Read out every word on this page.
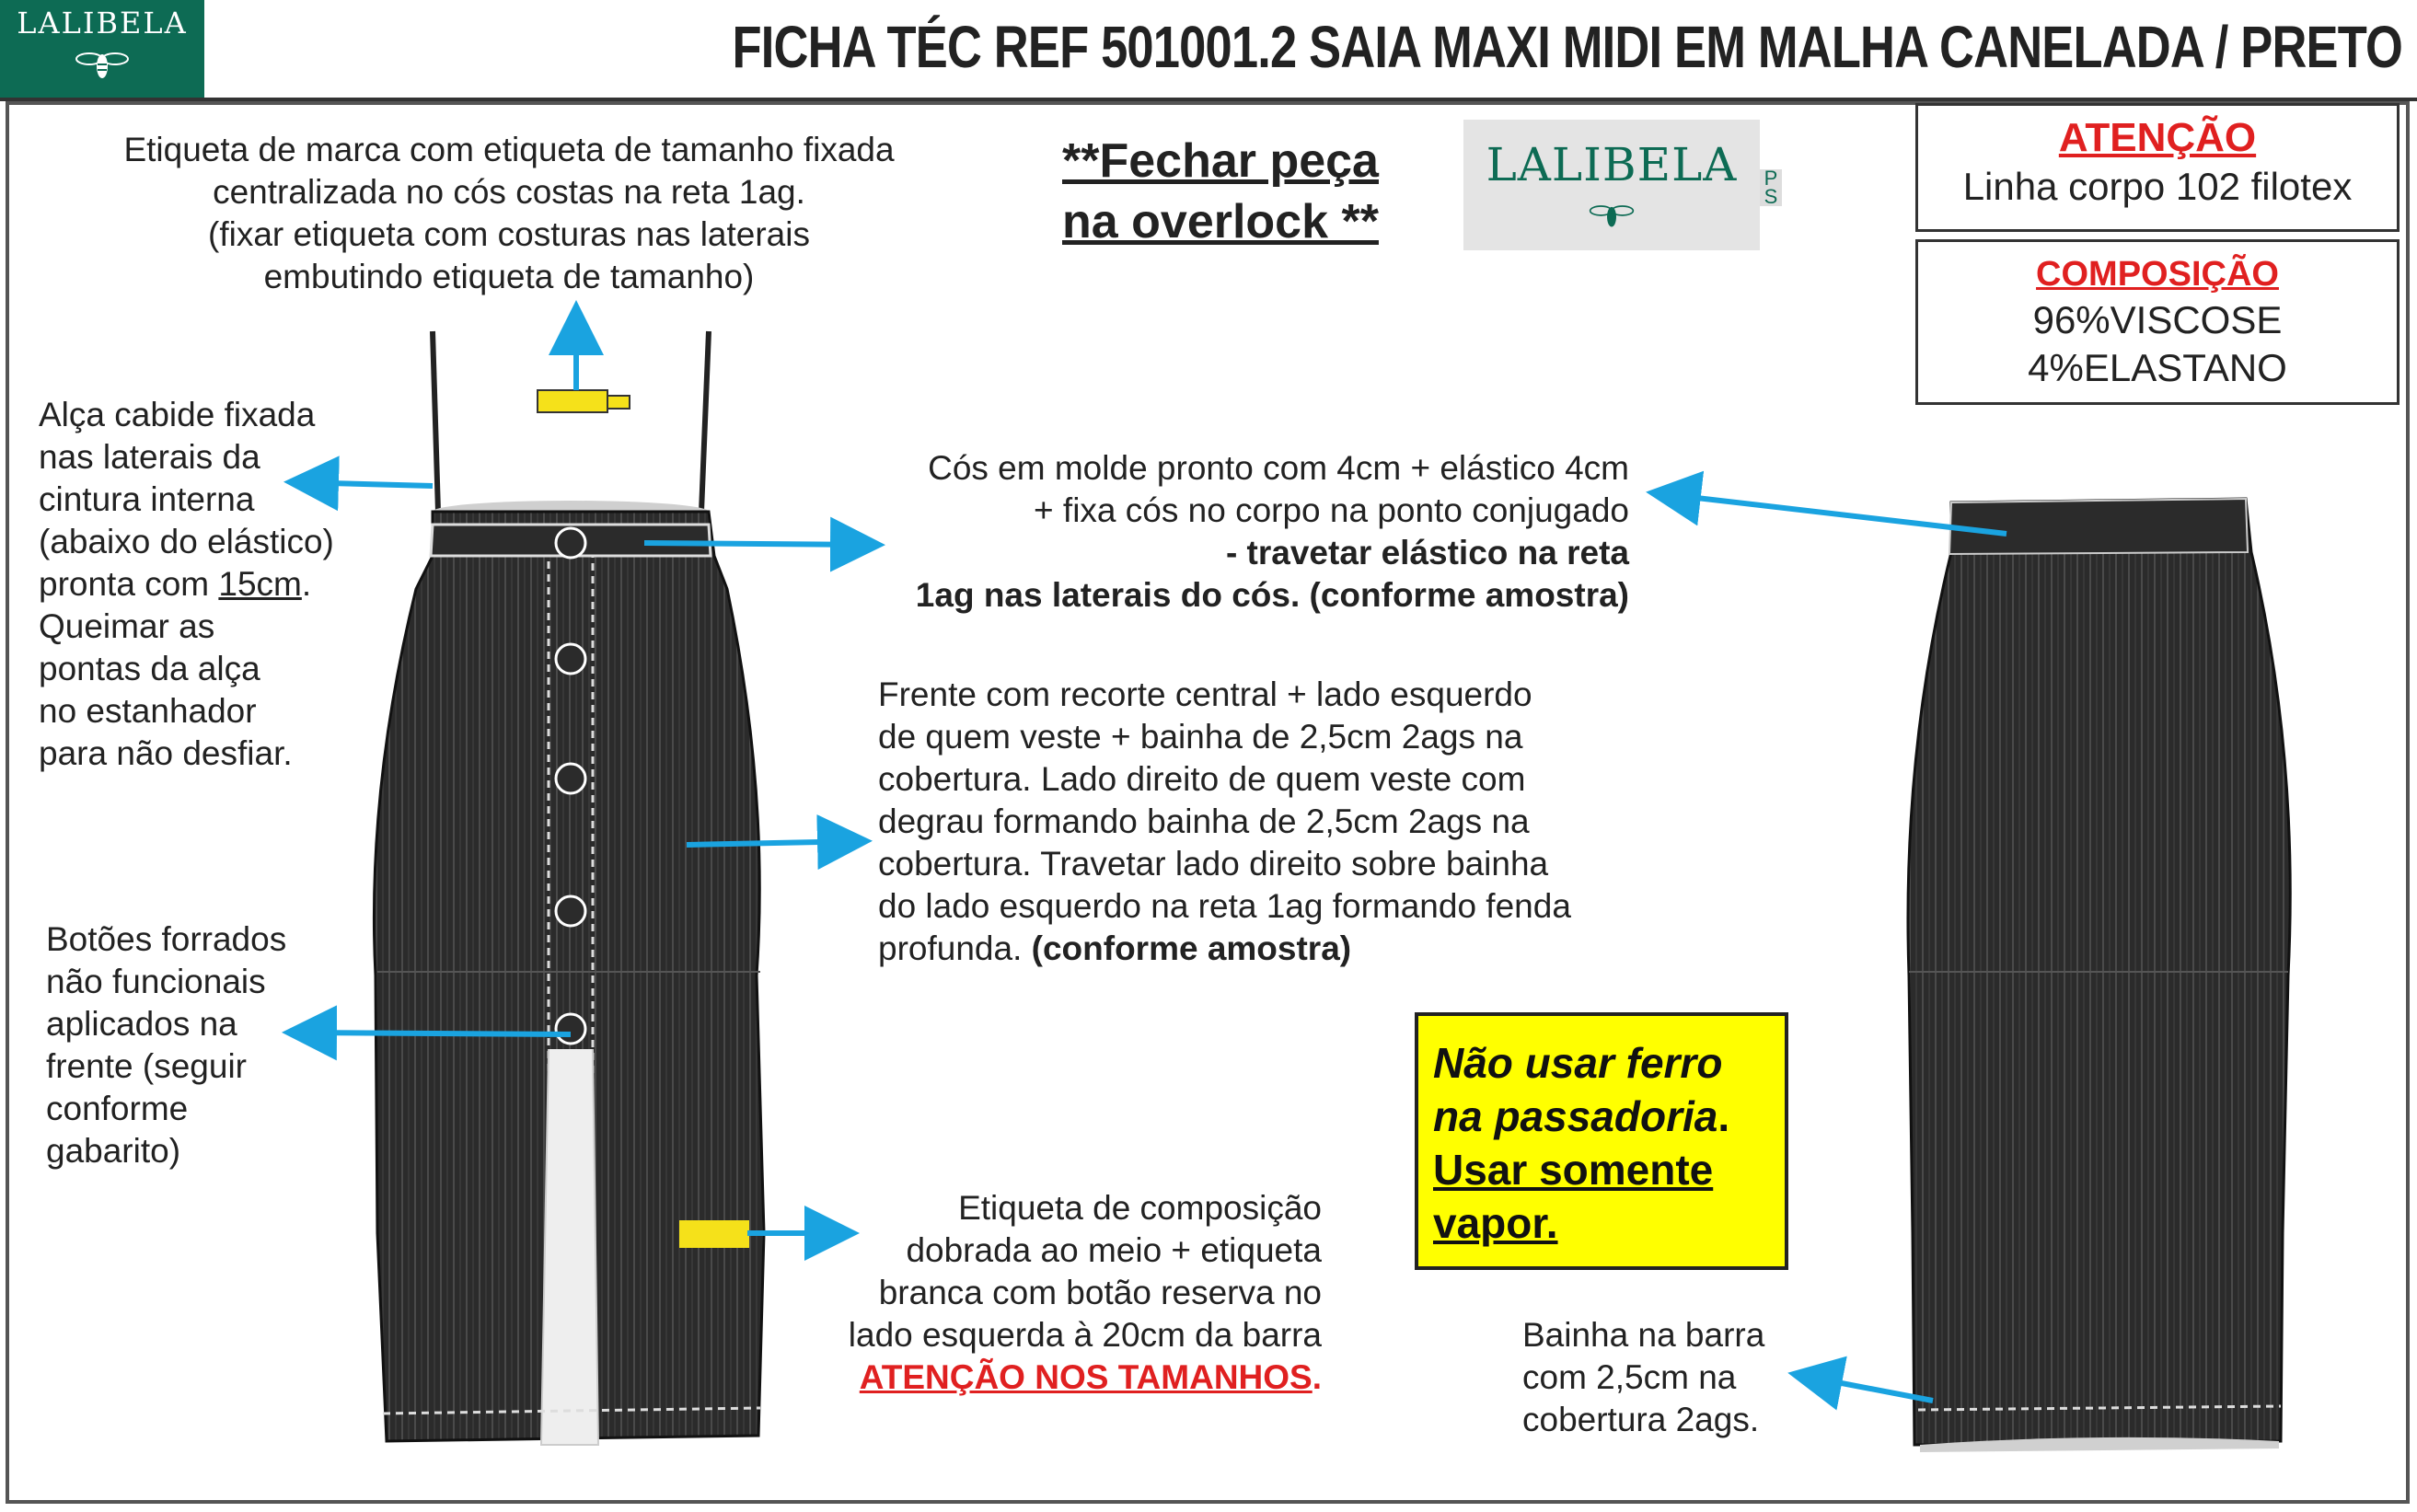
LALIBELA	FICHA TÉC REF 501001.2 SAIA MAXI MIDI EM MALHA CANELADA / PRETO
Etiqueta de marca com etiqueta de tamanho fixada
centralizada no cós costas na reta 1ag.
(fixar etiqueta com costuras nas laterais
embutindo etiqueta de tamanho)
**Fechar peça
na overlock **
LALIBELA	P S
ATENÇÃO
Linha corpo 102 filotex
COMPOSIÇÃO
96%VISCOSE
4%ELASTANO
Alça cabide fixada
nas laterais da
cintura interna
(abaixo do elástico)
pronta com 15cm.
Queimar as
pontas da alça
no estanhador
para não desfiar.
Cós em molde pronto com 4cm + elástico 4cm
+ fixa cós no corpo na ponto conjugado
- travetar elástico na reta
1ag nas laterais do cós. (conforme amostra)
Frente com recorte central + lado esquerdo
de quem veste + bainha de 2,5cm 2ags na
cobertura. Lado direito de quem veste com
degrau formando bainha de 2,5cm 2ags na
cobertura. Travetar lado direito sobre bainha
do lado esquerdo na reta 1ag formando fenda
profunda. (conforme amostra)
Botões forrados
não funcionais
aplicados na
frente (seguir
conforme
gabarito)
Não usar ferro
na passadoria.
Usar somente
vapor.
Etiqueta de composição
dobrada ao meio + etiqueta
branca com botão reserva no
lado esquerda à 20cm da barra
ATENÇÃO NOS TAMANHOS.
Bainha na barra
com 2,5cm na
cobertura 2ags.
